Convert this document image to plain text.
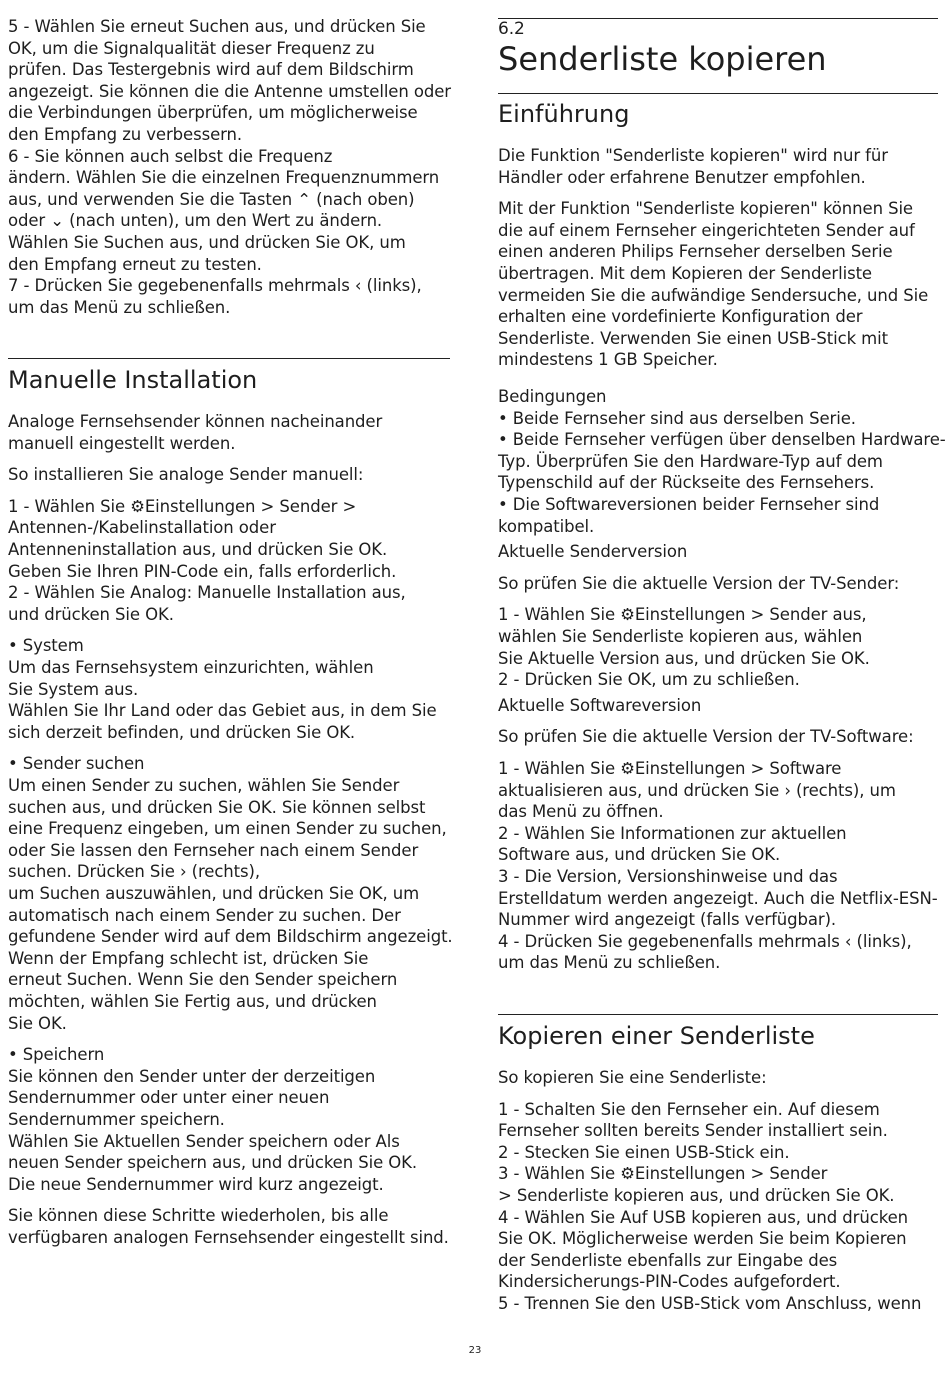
5 - Wählen Sie erneut Suchen aus, und drücken Sie
OK, um die Signalqualität dieser Frequenz zu
prüfen. Das Testergebnis wird auf dem Bildschirm
angezeigt. Sie können die die Antenne umstellen oder
die Verbindungen überprüfen, um möglicherweise
den Empfang zu verbessern.
6 - Sie können auch selbst die Frequenz
ändern. Wählen Sie die einzelnen Frequenznummern
aus, und verwenden Sie die Tasten ⌃ (nach oben)
oder ⌄ (nach unten), um den Wert zu ändern.
Wählen Sie Suchen aus, und drücken Sie OK, um
den Empfang erneut zu testen.
7 - Drücken Sie gegebenenfalls mehrmals ‹ (links),
um das Menü zu schließen.
Manuelle Installation
Analoge Fernsehsender können nacheinander
manuell eingestellt werden.
So installieren Sie analoge Sender manuell:
1 - Wählen Sie ⚙Einstellungen > Sender >
Antennen-/Kabelinstallation oder
Antenneninstallation aus, und drücken Sie OK.
Geben Sie Ihren PIN-Code ein, falls erforderlich.
2 - Wählen Sie Analog: Manuelle Installation aus,
und drücken Sie OK.
• System
Um das Fernsehsystem einzurichten, wählen
Sie System aus.
Wählen Sie Ihr Land oder das Gebiet aus, in dem Sie
sich derzeit befinden, und drücken Sie OK.
• Sender suchen
Um einen Sender zu suchen, wählen Sie Sender
suchen aus, und drücken Sie OK. Sie können selbst
eine Frequenz eingeben, um einen Sender zu suchen,
oder Sie lassen den Fernseher nach einem Sender
suchen. Drücken Sie › (rechts),
um Suchen auszuwählen, und drücken Sie OK, um
automatisch nach einem Sender zu suchen. Der
gefundene Sender wird auf dem Bildschirm angezeigt.
Wenn der Empfang schlecht ist, drücken Sie
erneut Suchen. Wenn Sie den Sender speichern
möchten, wählen Sie Fertig aus, und drücken
Sie OK.
• Speichern
Sie können den Sender unter der derzeitigen
Sendernummer oder unter einer neuen
Sendernummer speichern.
Wählen Sie Aktuellen Sender speichern oder Als
neuen Sender speichern aus, und drücken Sie OK.
Die neue Sendernummer wird kurz angezeigt.
Sie können diese Schritte wiederholen, bis alle
verfügbaren analogen Fernsehsender eingestellt sind.
6.2
Senderliste kopieren
Einführung
Die Funktion "Senderliste kopieren" wird nur für
Händler oder erfahrene Benutzer empfohlen.
Mit der Funktion "Senderliste kopieren" können Sie
die auf einem Fernseher eingerichteten Sender auf
einen anderen Philips Fernseher derselben Serie
übertragen. Mit dem Kopieren der Senderliste
vermeiden Sie die aufwändige Sendersuche, und Sie
erhalten eine vordefinierte Konfiguration der
Senderliste. Verwenden Sie einen USB-Stick mit
mindestens 1 GB Speicher.
Bedingungen
• Beide Fernseher sind aus derselben Serie.
• Beide Fernseher verfügen über denselben Hardware-
Typ. Überprüfen Sie den Hardware-Typ auf dem
Typenschild auf der Rückseite des Fernsehers.
• Die Softwareversionen beider Fernseher sind
kompatibel.
Aktuelle Senderversion
So prüfen Sie die aktuelle Version der TV-Sender:
1 - Wählen Sie ⚙Einstellungen > Sender aus,
wählen Sie Senderliste kopieren aus, wählen
Sie Aktuelle Version aus, und drücken Sie OK.
2 - Drücken Sie OK, um zu schließen.
Aktuelle Softwareversion
So prüfen Sie die aktuelle Version der TV-Software:
1 - Wählen Sie ⚙Einstellungen > Software
aktualisieren aus, und drücken Sie › (rechts), um
das Menü zu öffnen.
2 - Wählen Sie Informationen zur aktuellen
Software aus, und drücken Sie OK.
3 - Die Version, Versionshinweise und das
Erstelldatum werden angezeigt. Auch die Netflix-ESN-
Nummer wird angezeigt (falls verfügbar).
4 - Drücken Sie gegebenenfalls mehrmals ‹ (links),
um das Menü zu schließen.
Kopieren einer Senderliste
So kopieren Sie eine Senderliste:
1 - Schalten Sie den Fernseher ein. Auf diesem
Fernseher sollten bereits Sender installiert sein.
2 - Stecken Sie einen USB-Stick ein.
3 - Wählen Sie ⚙Einstellungen > Sender
> Senderliste kopieren aus, und drücken Sie OK.
4 - Wählen Sie Auf USB kopieren aus, und drücken
Sie OK. Möglicherweise werden Sie beim Kopieren
der Senderliste ebenfalls zur Eingabe des
Kindersicherungs-PIN-Codes aufgefordert.
5 - Trennen Sie den USB-Stick vom Anschluss, wenn
23
